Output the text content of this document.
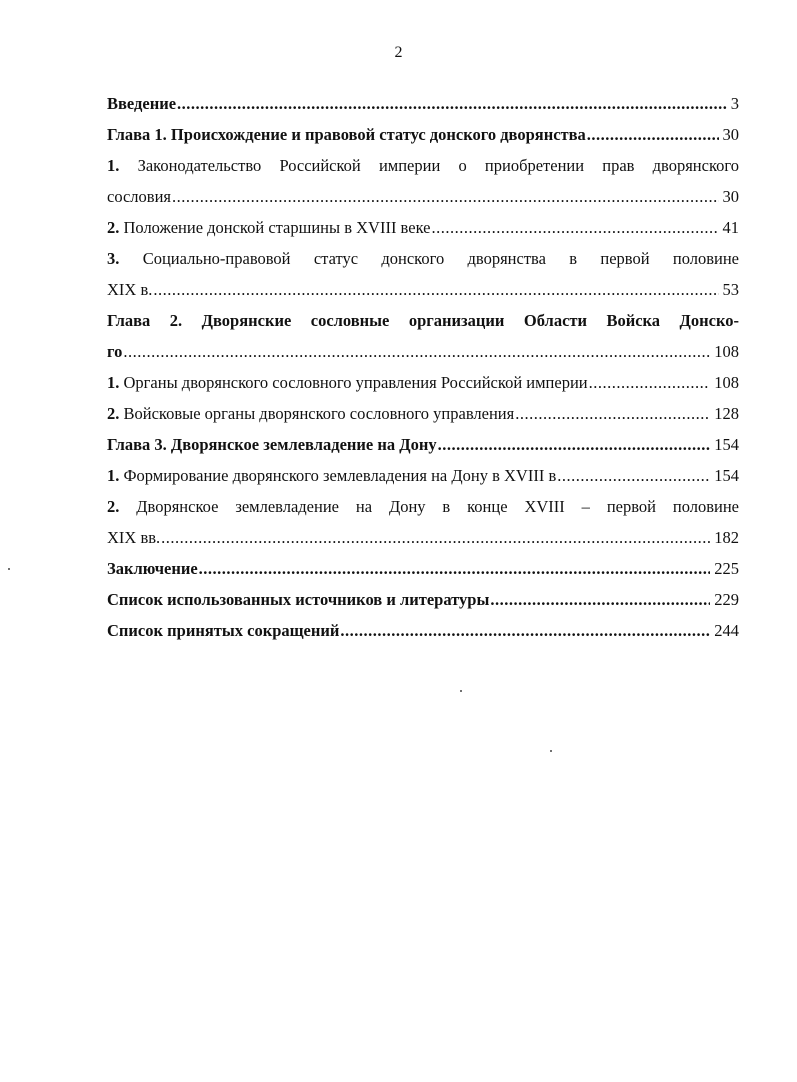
2
Введение .....	3
Глава 1. Происхождение и правовой статус донского дворянства .....	30
1. Законодательство Российской империи о приобретении прав дворянского
сословия .....	30
2. Положение донской старшины в XVIII веке .....	41
3. Социально-правовой статус донского дворянства в первой половине
XIX в. .....	53
Глава 2. Дворянские сословные организации Области Войска Донско-
го .....	108
1. Органы дворянского сословного управления Российской империи .....	108
2. Войсковые органы дворянского сословного управления .....	128
Глава 3. Дворянское землевладение на Дону .....	154
1. Формирование дворянского землевладения на Дону в XVIII в .....	154
2. Дворянское землевладение на Дону в конце XVIII – первой половине
XIX вв. .....	182
Заключение .....	225
Список использованных источников и литературы .....	229
Список принятых сокращений .....	244
